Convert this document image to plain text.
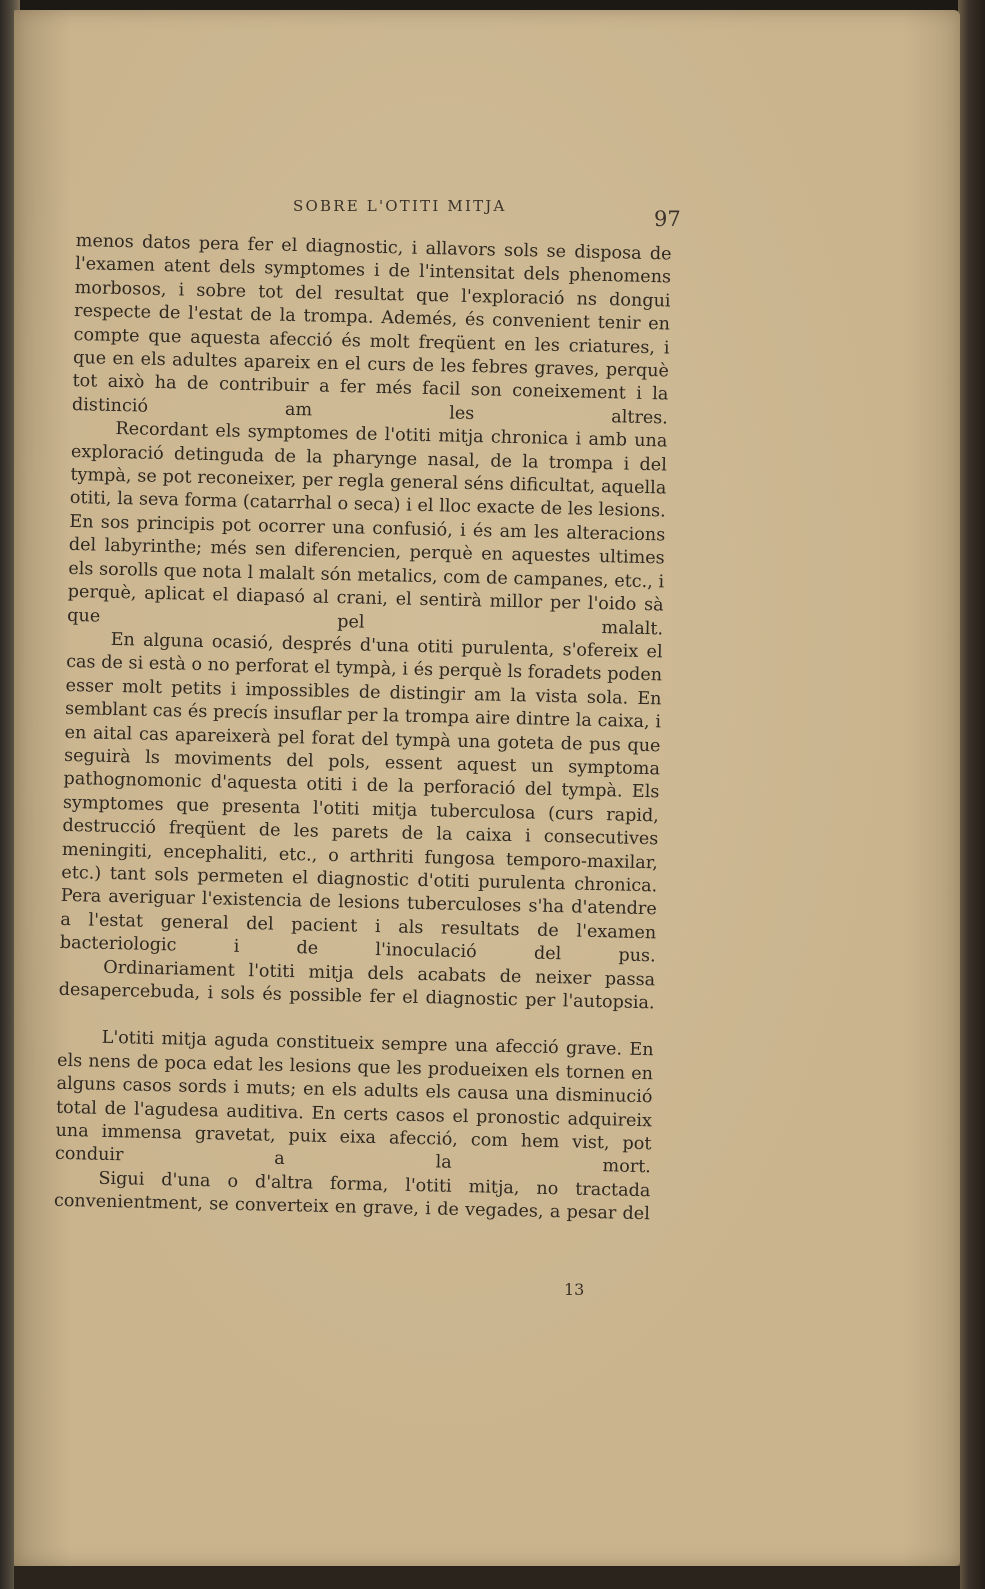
SOBRE L'OTITI MITJA
97

menos datos pera fer el diagnostic, i allavors sols se disposa de l'examen atent dels symptomes i de l'intensitat dels phenomens morbosos, i sobre tot del resultat que l'exploració ns dongui respecte de l'estat de la trompa. Ademés, és convenient tenir en compte que aquesta afecció és molt freqüent en les criatures, i que en els adultes apareix en el curs de les febres graves, perquè tot això ha de contribuir a fer més facil son coneixement i la distinció am les altres.

Recordant els symptomes de l'otiti mitja chronica i amb una exploració detinguda de la pharynge nasal, de la trompa i del tympà, se pot reconeixer, per regla general séns dificultat, aquella otiti, la seva forma (catarrhal o seca) i el lloc exacte de les lesions. En sos principis pot ocorrer una confusió, i és am les alteracions del labyrinthe; més sen diferencien, perquè en aquestes ultimes els sorolls que nota l malalt són metalics, com de campanes, etc., i perquè, aplicat el diapasó al crani, el sentirà millor per l'oido sà que pel malalt.

En alguna ocasió, després d'una otiti purulenta, s'ofereix el cas de si està o no perforat el tympà, i és perquè ls foradets poden esser molt petits i impossibles de distingir am la vista sola. En semblant cas és precís insuflar per la trompa aire dintre la caixa, i en aital cas apareixerà pel forat del tympà una goteta de pus que seguirà ls moviments del pols, essent aquest un symptoma pathognomonic d'aquesta otiti i de la perforació del tympà. Els symptomes que presenta l'otiti mitja tuberculosa (curs rapid, destrucció freqüent de les parets de la caixa i consecutives meningiti, encephaliti, etc., o arthriti fungosa temporo-maxilar, etc.) tant sols permeten el diagnostic d'otiti purulenta chronica. Pera averiguar l'existencia de lesions tuberculoses s'ha d'atendre a l'estat general del pacient i als resultats de l'examen bacteriologic i de l'inoculació del pus.

Ordinariament l'otiti mitja dels acabats de neixer passa desapercebuda, i sols és possible fer el diagnostic per l'autopsia.

L'otiti mitja aguda constitueix sempre una afecció grave. En els nens de poca edat les lesions que les produeixen els tornen en alguns casos sords i muts; en els adults els causa una disminució total de l'agudesa auditiva. En certs casos el pronostic adquireix una immensa gravetat, puix eixa afecció, com hem vist, pot conduir a la mort.

Sigui d'una o d'altra forma, l'otiti mitja, no tractada convenientment, se converteix en grave, i de vegades, a pesar del

13
